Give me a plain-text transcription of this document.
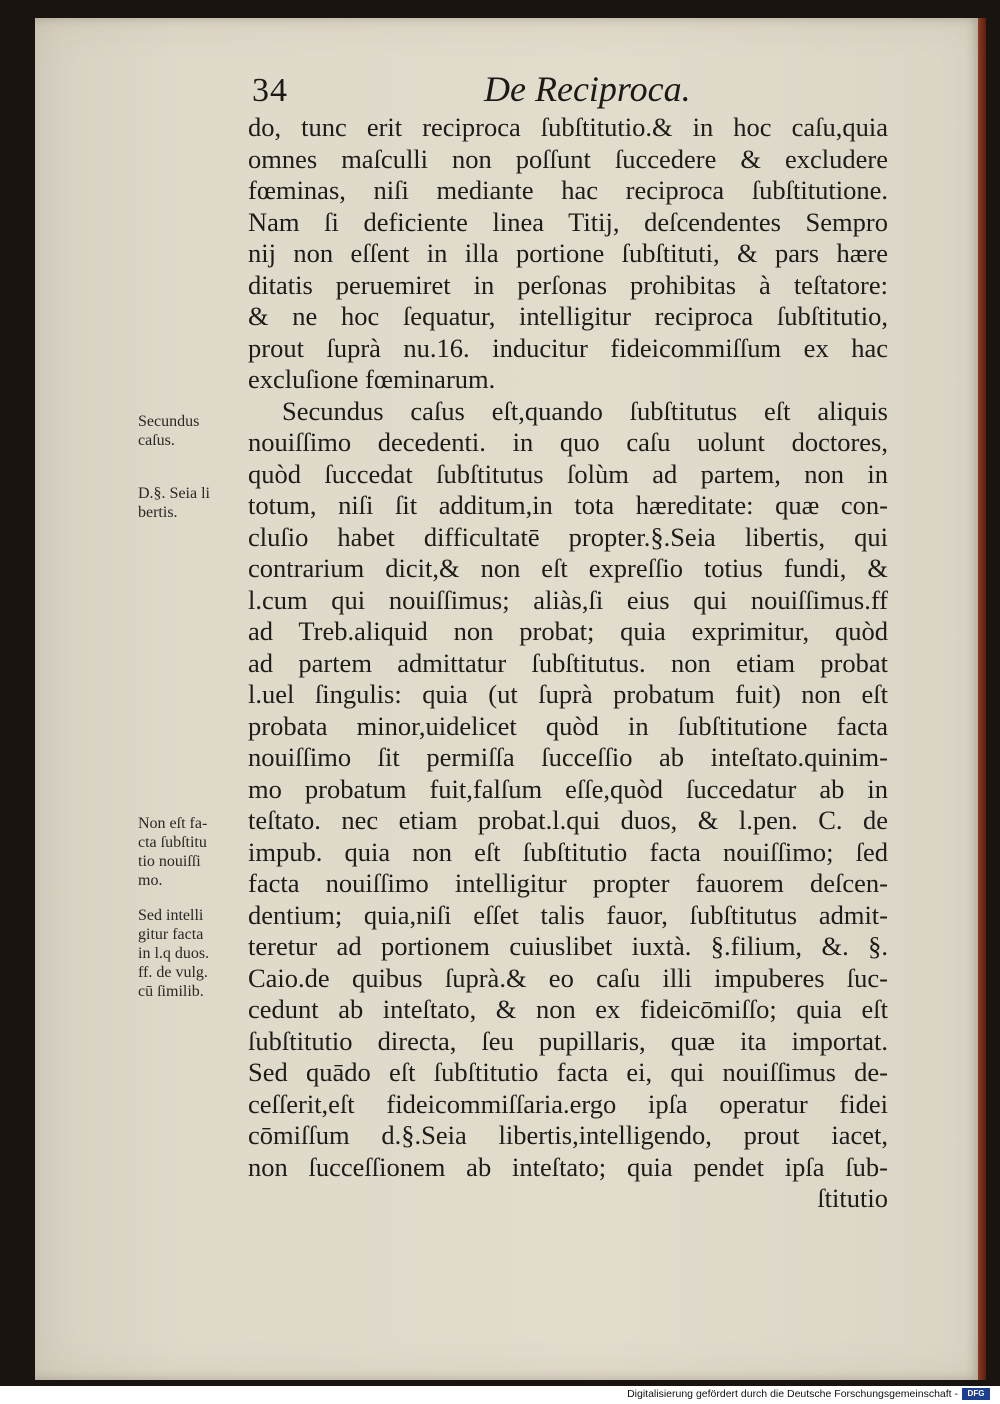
34	De Reciproca.
do, tunc erit reciproca ſubſtitutio.& in hoc caſu,quia
omnes maſculli non poſſunt ſuccedere & excludere
fœminas, niſi mediante hac reciproca ſubſtitutione.
Nam ſi deficiente linea Titij, deſcendentes Sempro
nij non eſſent in illa portione ſubſtituti, & pars hære
ditatis peruemiret in perſonas prohibitas à teſtatore:
& ne hoc ſequatur, intelligitur reciproca ſubſtitutio,
prout ſuprà nu.16. inducitur fideicommiſſum ex hac
excluſione fœminarum.
Secundus caſus eſt,quando ſubſtitutus eſt aliquis
nouiſſimo decedenti. in quo caſu uolunt doctores,
quòd ſuccedat ſubſtitutus ſolùm ad partem, non in
totum, niſi ſit additum,in tota hæreditate: quæ con-
cluſio habet difficultatē propter.§.Seia libertis, qui
contrarium dicit,& non eſt expreſſio totius fundi, &
l.cum qui nouiſſimus; aliàs,ſi eius qui nouiſſimus.ff
ad Treb.aliquid non probat; quia exprimitur, quòd
ad partem admittatur ſubſtitutus. non etiam probat
l.uel ſingulis: quia (ut ſuprà probatum fuit) non eſt
probata minor,uidelicet quòd in ſubſtitutione facta
nouiſſimo ſit permiſſa ſucceſſio ab inteſtato.quinim-
mo probatum fuit,falſum eſſe,quòd ſuccedatur ab in
teſtato. nec etiam probat.l.qui duos, & l.pen. C. de
impub. quia non eſt ſubſtitutio facta nouiſſimo; ſed
facta nouiſſimo intelligitur propter fauorem deſcen-
dentium; quia,niſi eſſet talis fauor, ſubſtitutus admit-
teretur ad portionem cuiuslibet iuxtà. §.filium, &. §.
Caio.de quibus ſuprà.& eo caſu illi impuberes ſuc-
cedunt ab inteſtato, & non ex fideicōmiſſo; quia eſt
ſubſtitutio directa, ſeu pupillaris, quæ ita importat.
Sed quādo eſt ſubſtitutio facta ei, qui nouiſſimus de-
ceſſerit,eſt fideicommiſſaria.ergo ipſa operatur fidei
cōmiſſum d.§.Seia libertis,intelligendo, prout iacet,
non ſucceſſionem ab inteſtato; quia pendet ipſa ſub-
ſtitutio
Secundus
caſus.
D.§. Seia li
bertis.
Non eſt fa-
cta ſubſtitu
tio nouiſſi
mo.
Sed intelli
gitur facta
in l.q duos.
ff. de vulg.
cū ſimilib.
Digitalisierung gefördert durch die Deutsche Forschungsgemeinschaft -	DFG
